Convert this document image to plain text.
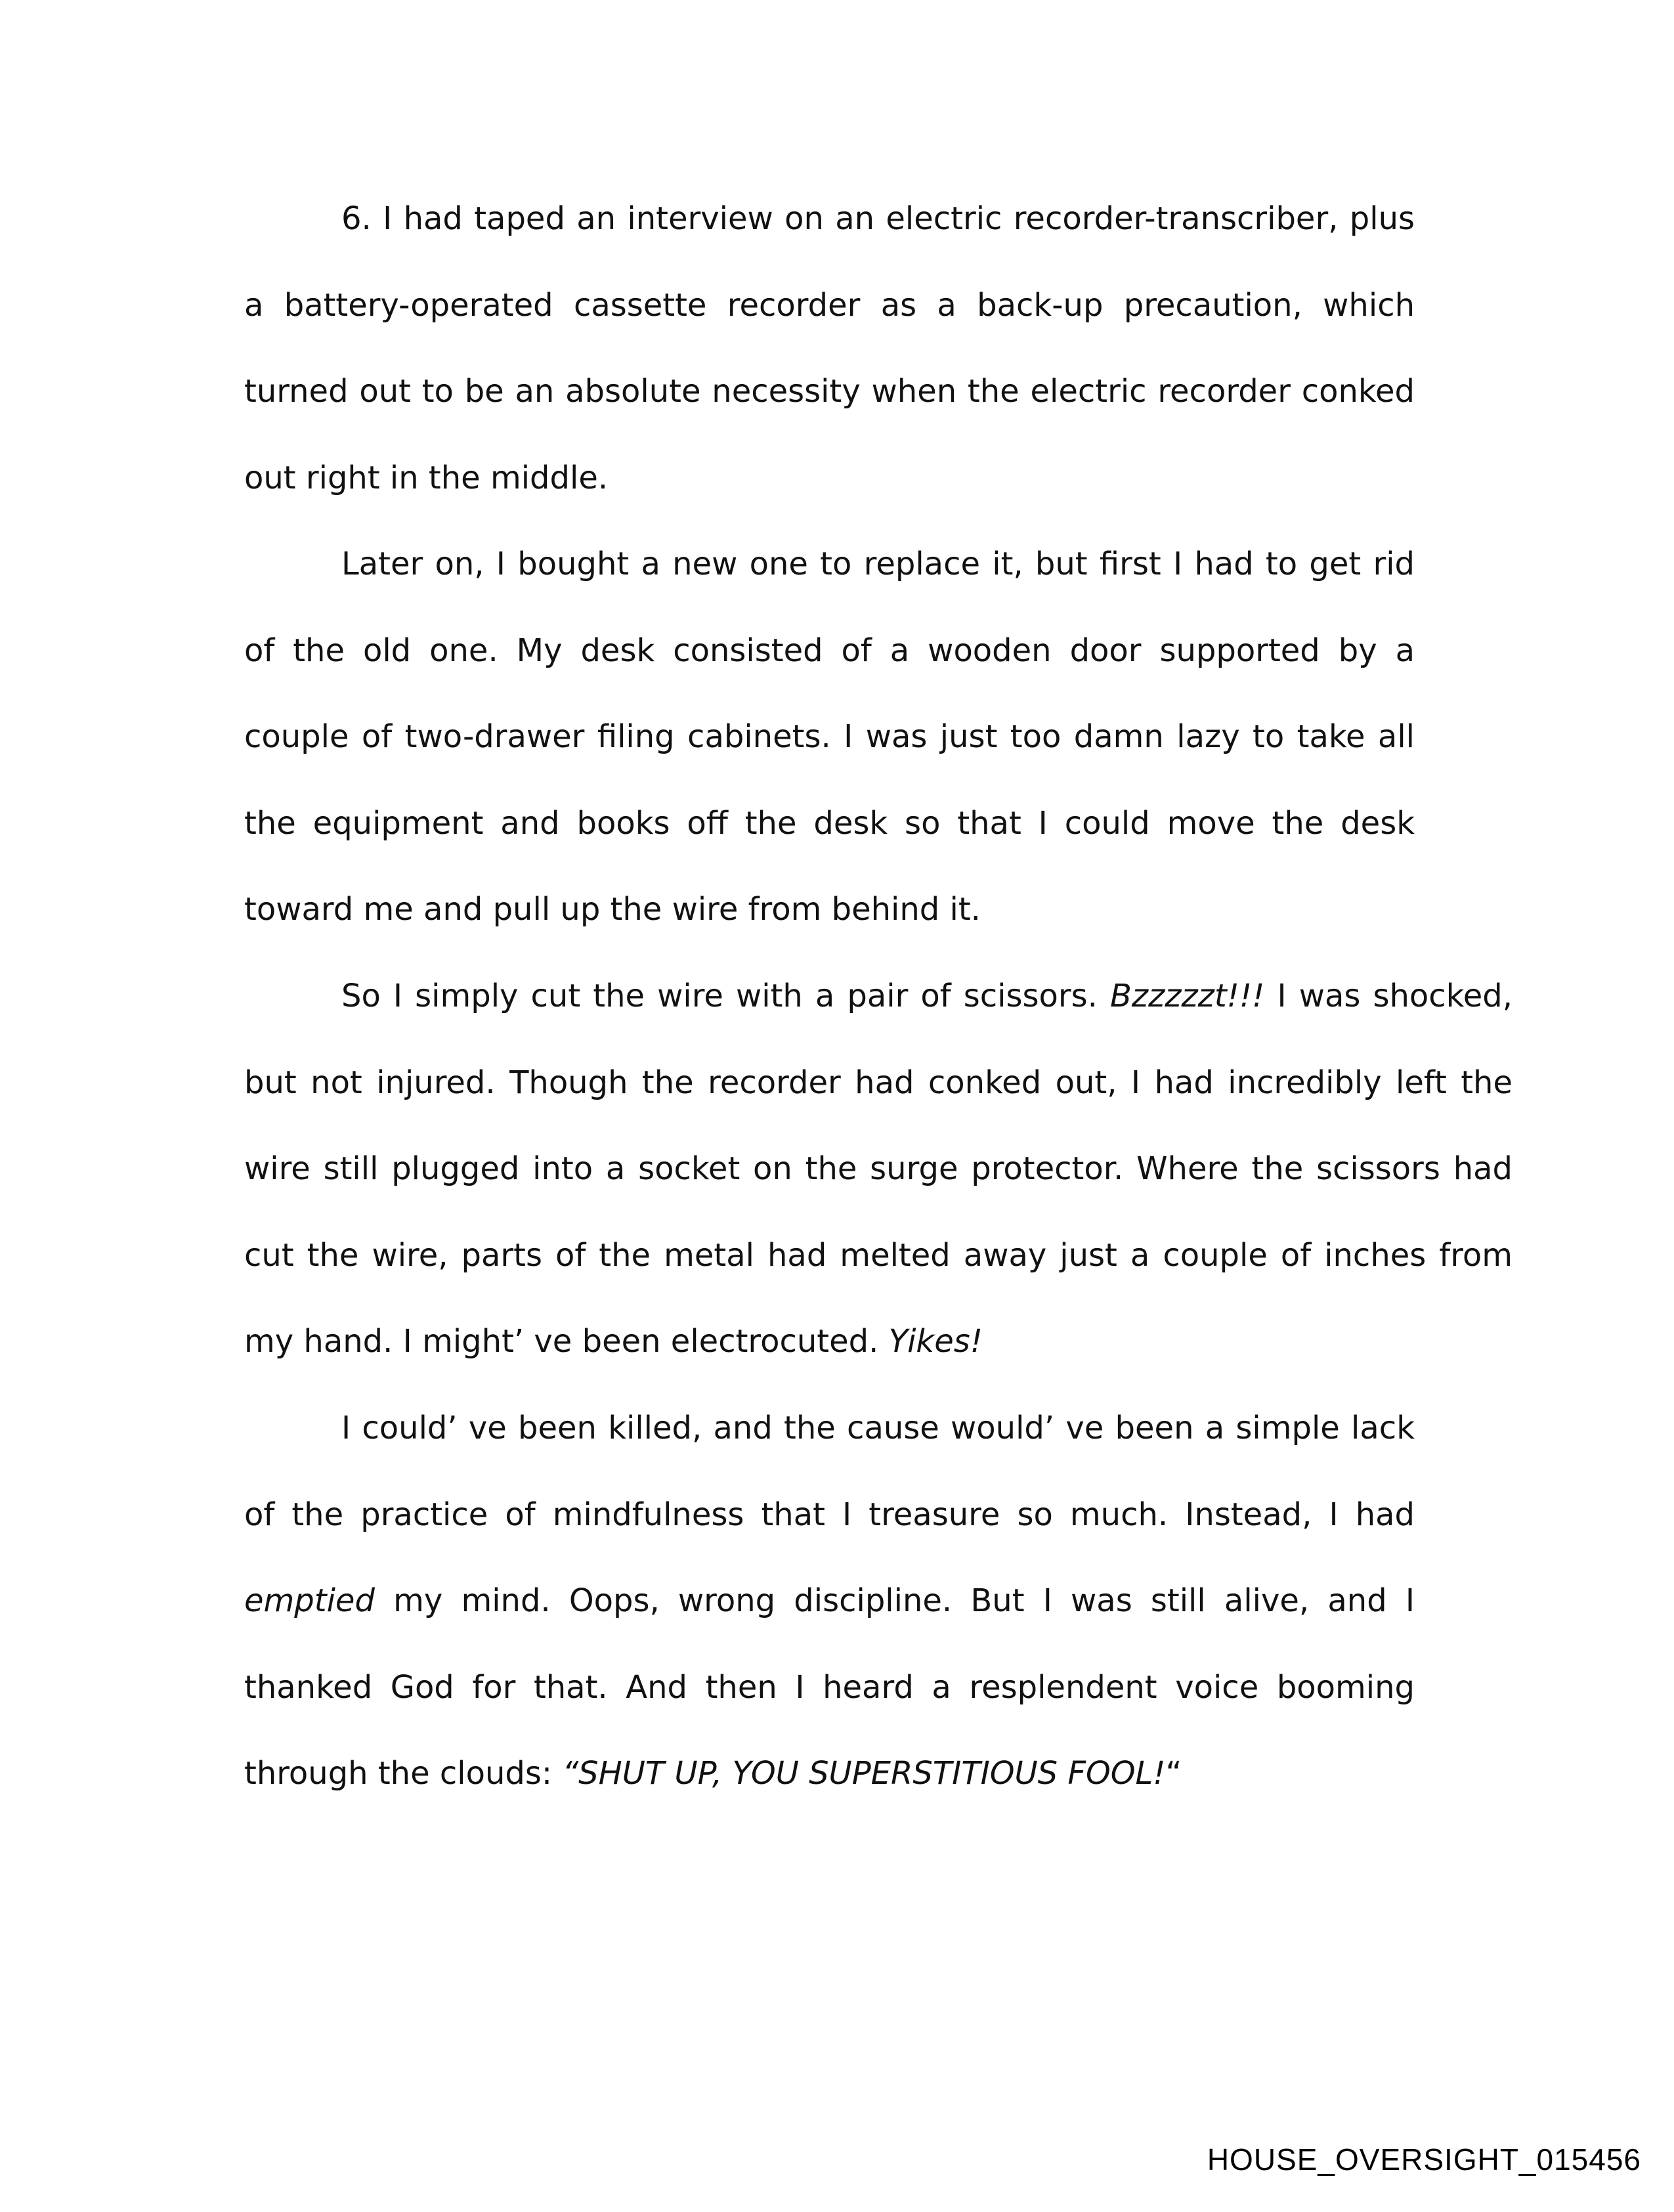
6. I had taped an interview on an electric recorder-transcriber, plus a battery-operated cassette recorder as a back-up precaution, which turned out to be an absolute necessity when the electric recorder conked out right in the middle.

Later on, I bought a new one to replace it, but first I had to get rid of the old one. My desk consisted of a wooden door supported by a couple of two-drawer filing cabinets. I was just too damn lazy to take all the equipment and books off the desk so that I could move the desk toward me and pull up the wire from behind it.

So I simply cut the wire with a pair of scissors. Bzzzzzt!!! I was shocked, but not injured. Though the recorder had conked out, I had incredibly left the wire still plugged into a socket on the surge protector. Where the scissors had cut the wire, parts of the metal had melted away just a couple of inches from my hand. I might’ ve been electrocuted. Yikes!

I could’ ve been killed, and the cause would’ ve been a simple lack of the practice of mindfulness that I treasure so much. Instead, I had emptied my mind. Oops, wrong discipline. But I was still alive, and I thanked God for that. And then I heard a resplendent voice booming through the clouds: “SHUT UP, YOU SUPERSTITIOUS FOOL!“

HOUSE_OVERSIGHT_015456
